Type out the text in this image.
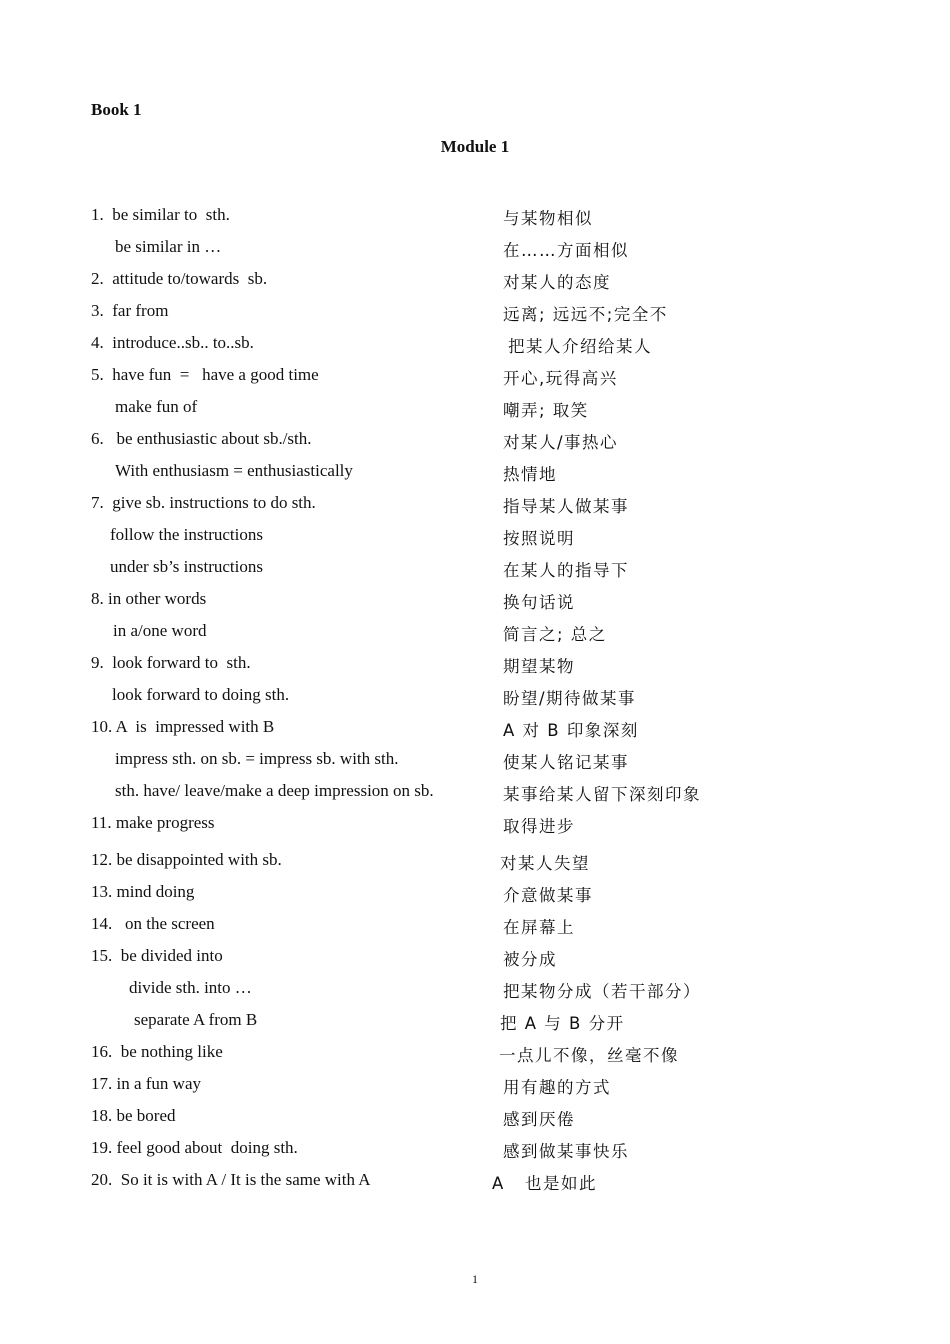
Book 1
Module 1
1.  be similar to  sth.	与某物相似
be similar in …	在……方面相似
2.  attitude to/towards  sb.	对某人的态度
3.  far from	远离; 远远不;完全不
4.  introduce..sb.. to..sb.	把某人介绍给某人
5.  have fun  =   have a good time	开心,玩得高兴
make fun of	嘲弄; 取笑
6.   be enthusiastic about sb./sth.	对某人/事热心
With enthusiasm = enthusiastically	热情地
7.  give sb. instructions to do sth.	指导某人做某事
follow the instructions	按照说明
under sb’s instructions	在某人的指导下
8. in other words	换句话说
in a/one word	简言之; 总之
9.  look forward to  sth.	期望某物
look forward to doing sth.	盼望/期待做某事
10. A  is  impressed with B	A 对 B 印象深刻
impress sth. on sb. = impress sb. with sth.	使某人铭记某事
sth. have/ leave/make a deep impression on sb.	某事给某人留下深刻印象
11. make progress	取得进步
12. be disappointed with sb.	对某人失望
13. mind doing	介意做某事
14.   on the screen	在屏幕上
15.  be divided into	被分成
divide sth. into …	把某物分成（若干部分）
separate A from B	把 A 与 B 分开
16.  be nothing like	一点儿不像，丝毫不像
17. in a fun way	用有趣的方式
18. be bored	感到厌倦
19. feel good about  doing sth.	感到做某事快乐
20.  So it is with A / It is the same with A	A   也是如此
1
